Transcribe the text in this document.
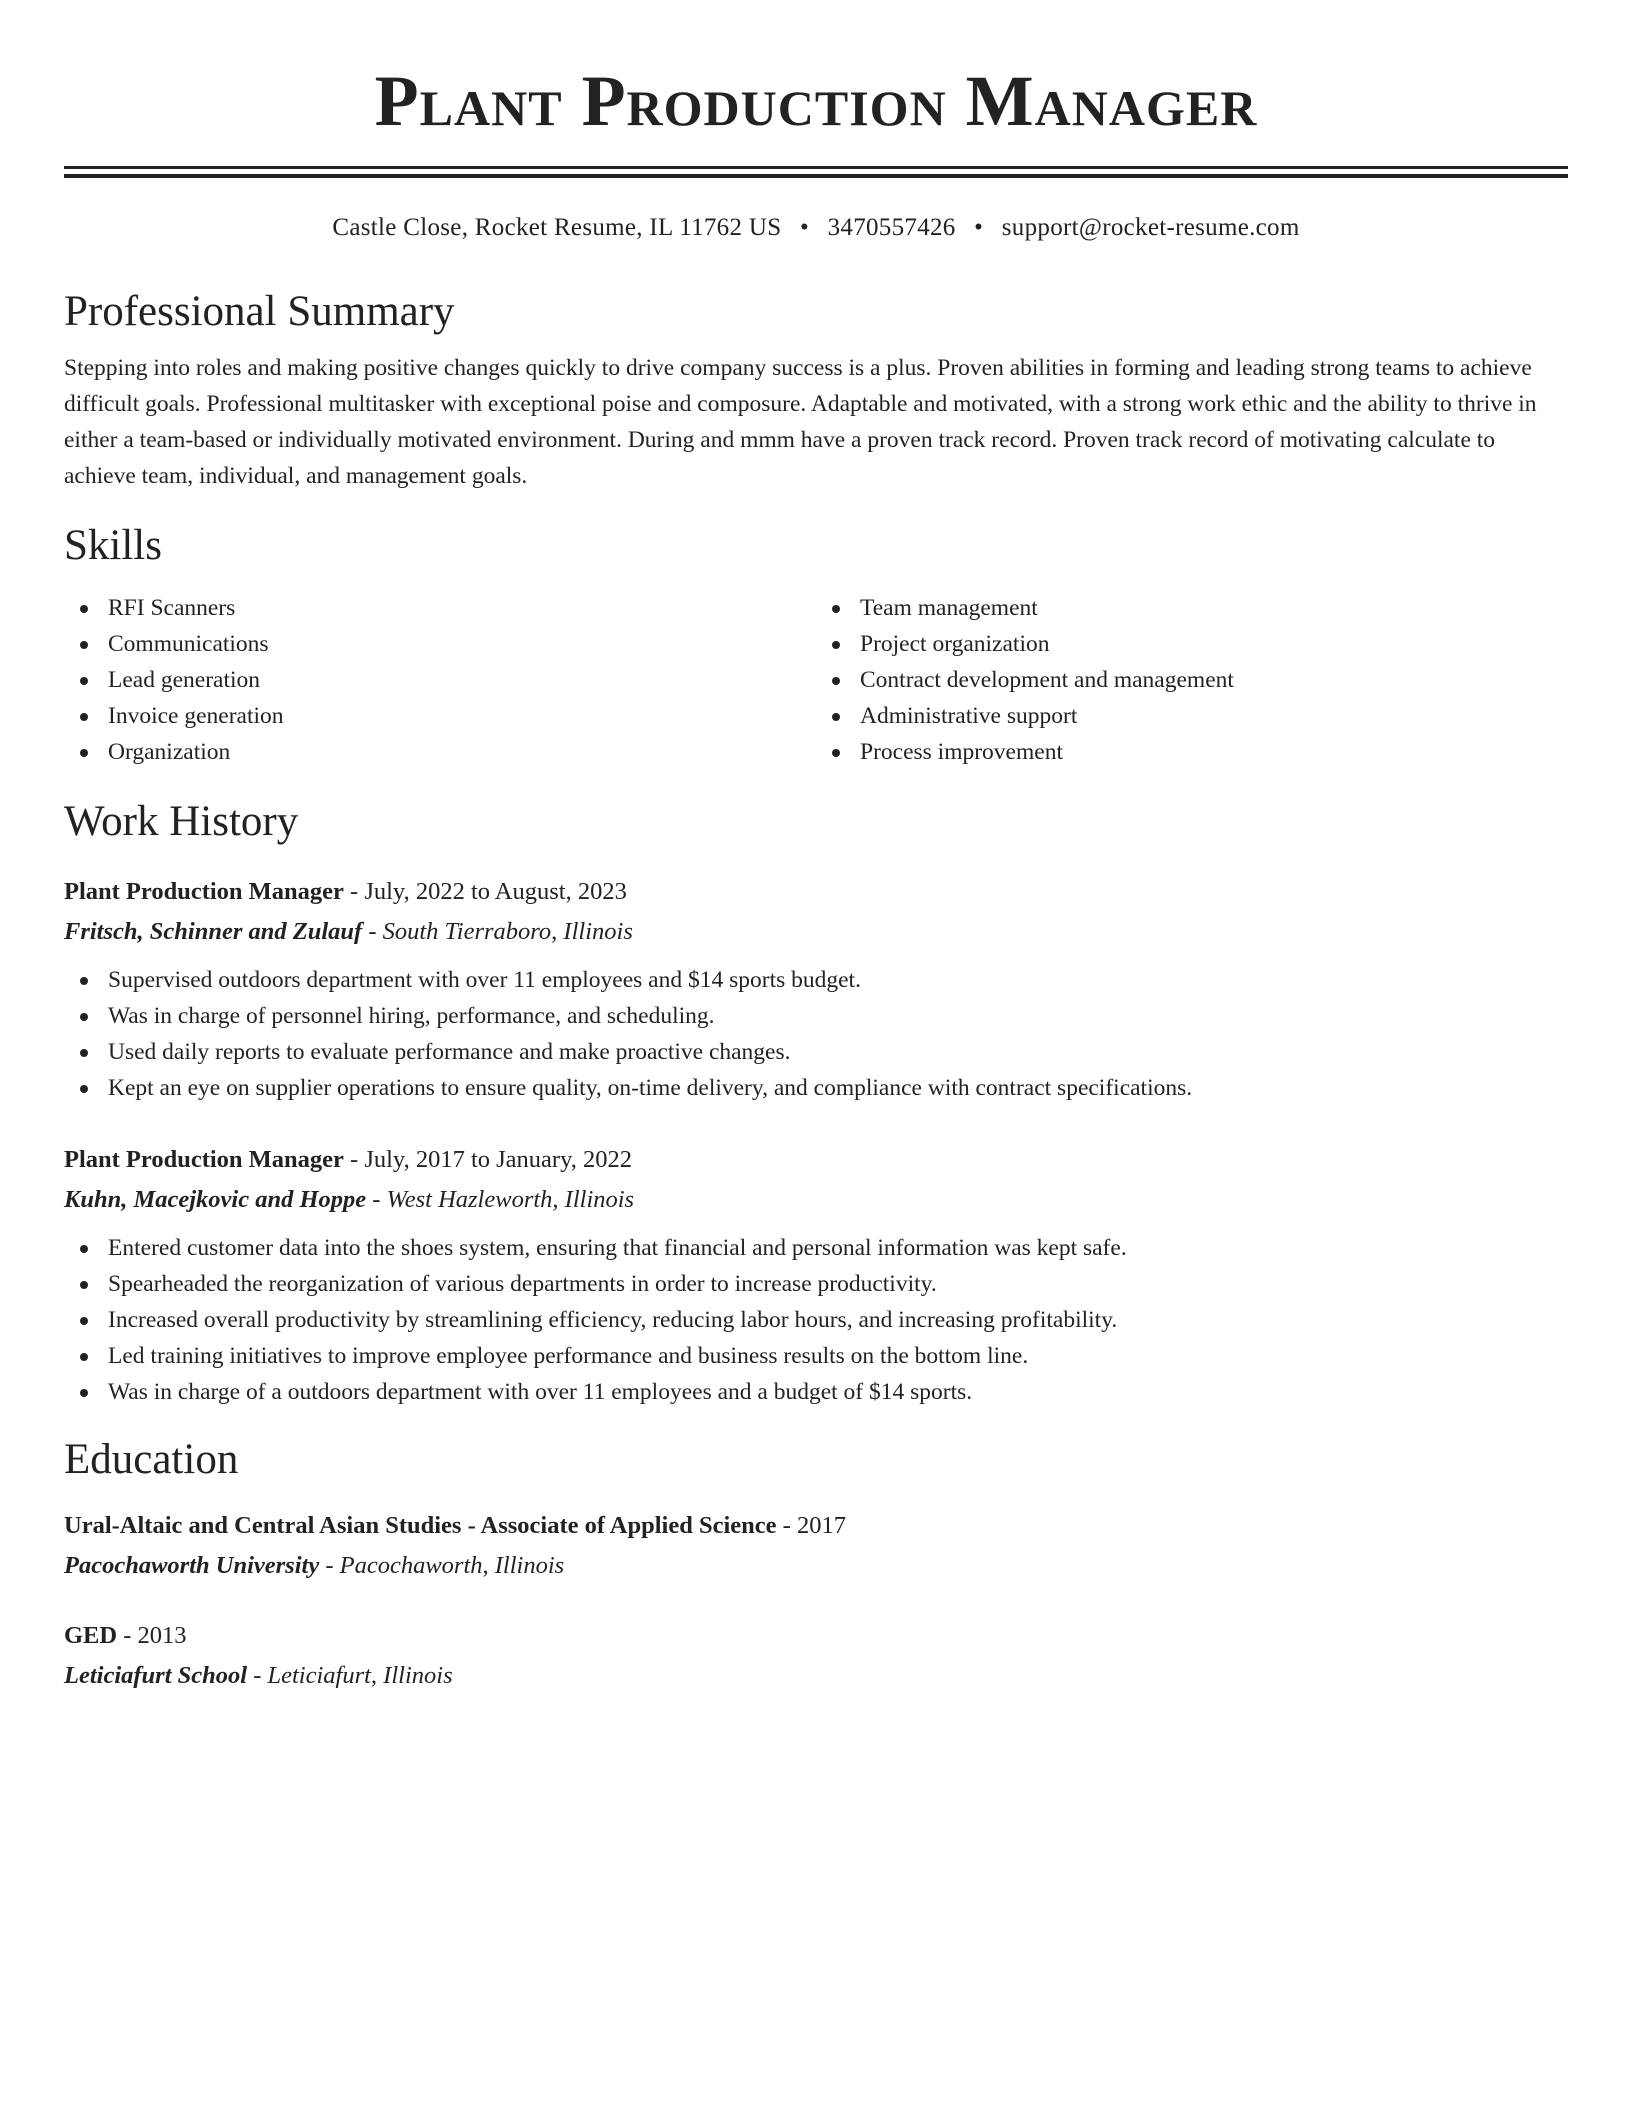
Plant Production Manager
Castle Close, Rocket Resume, IL 11762 US • 3470557426 • support@rocket-resume.com
Professional Summary

Stepping into roles and making positive changes quickly to drive company success is a plus. Proven abilities in forming and leading strong teams to achieve difficult goals. Professional multitasker with exceptional poise and composure. Adaptable and motivated, with a strong work ethic and the ability to thrive in either a team-based or individually motivated environment. During and mmm have a proven track record. Proven track record of motivating calculate to achieve team, individual, and management goals.

Skills
RFI Scanners
Communications
Lead generation
Invoice generation
Organization
Team management
Project organization
Contract development and management
Administrative support
Process improvement
Work History
Plant Production Manager - July, 2022 to August, 2023
Fritsch, Schinner and Zulauf - South Tierraboro, Illinois
Supervised outdoors department with over 11 employees and $14 sports budget.
Was in charge of personnel hiring, performance, and scheduling.
Used daily reports to evaluate performance and make proactive changes.
Kept an eye on supplier operations to ensure quality, on-time delivery, and compliance with contract specifications.
Plant Production Manager - July, 2017 to January, 2022
Kuhn, Macejkovic and Hoppe - West Hazleworth, Illinois
Entered customer data into the shoes system, ensuring that financial and personal information was kept safe.
Spearheaded the reorganization of various departments in order to increase productivity.
Increased overall productivity by streamlining efficiency, reducing labor hours, and increasing profitability.
Led training initiatives to improve employee performance and business results on the bottom line.
Was in charge of a outdoors department with over 11 employees and a budget of $14 sports.
Education
Ural-Altaic and Central Asian Studies - Associate of Applied Science - 2017
Pacochaworth University - Pacochaworth, Illinois
GED - 2013
Leticiafurt School - Leticiafurt, Illinois
